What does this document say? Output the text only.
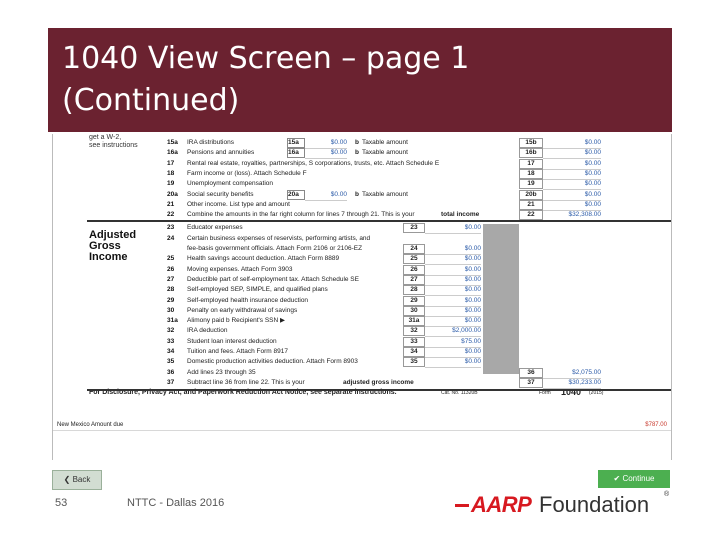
1040 View Screen – page 1
(Continued)
get a W-2,
see instructions
Adjusted
Gross
Income
For Disclosure, Privacy Act, and Paperwork Reduction Act Notice, see separate instructions.	Cat. No. 11320B	Form 1040 (2015)
15a	IRA distributions	15a	$0.00 b Taxable amount	15b	$0.00
16a	Pensions and annuities	16a	$0.00 b Taxable amount	16b	$0.00
17	Rental real estate, royalties, partnerships, S corporations, trusts, etc. Attach Schedule E	17	$0.00
18	Farm income or (loss). Attach Schedule F	18	$0.00
19	Unemployment compensation	19	$0.00
20a	Social security benefits	20a	$0.00 b Taxable amount	20b	$0.00
21	Other income. List type and amount	21	$0.00
22	Combine the amounts in the far right column for lines 7 through 21. This is your	total income	22	$32,308.00
23	Educator expenses	23	$0.00
24	Certain business expenses of reservists, performing artists, and
fee-basis government officials. Attach Form 2106 or 2106-EZ	24	$0.00
25	Health savings account deduction. Attach Form 8889	25	$0.00
26	Moving expenses. Attach Form 3903	26	$0.00
27	Deductible part of self-employment tax. Attach Schedule SE	27	$0.00
28	Self-employed SEP, SIMPLE, and qualified plans	28	$0.00
29	Self-employed health insurance deduction	29	$0.00
30	Penalty on early withdrawal of savings	30	$0.00
31a	Alimony paid b Recipient's SSN ▶	31a	$0.00
32	IRA deduction	32	$2,000.00
33	Student loan interest deduction	33	$75.00
34	Tuition and fees. Attach Form 8917	34	$0.00
35	Domestic production activities deduction. Attach Form 8903	35	$0.00
36	Add lines 23 through 35	36	$2,075.00
37	Subtract line 36 from line 22. This is your	adjusted gross income	37	$30,233.00
New Mexico Amount due	$787.00
❮ Back	✔ Continue
53	NTTC - Dallas 2016	AARP Foundation ®
